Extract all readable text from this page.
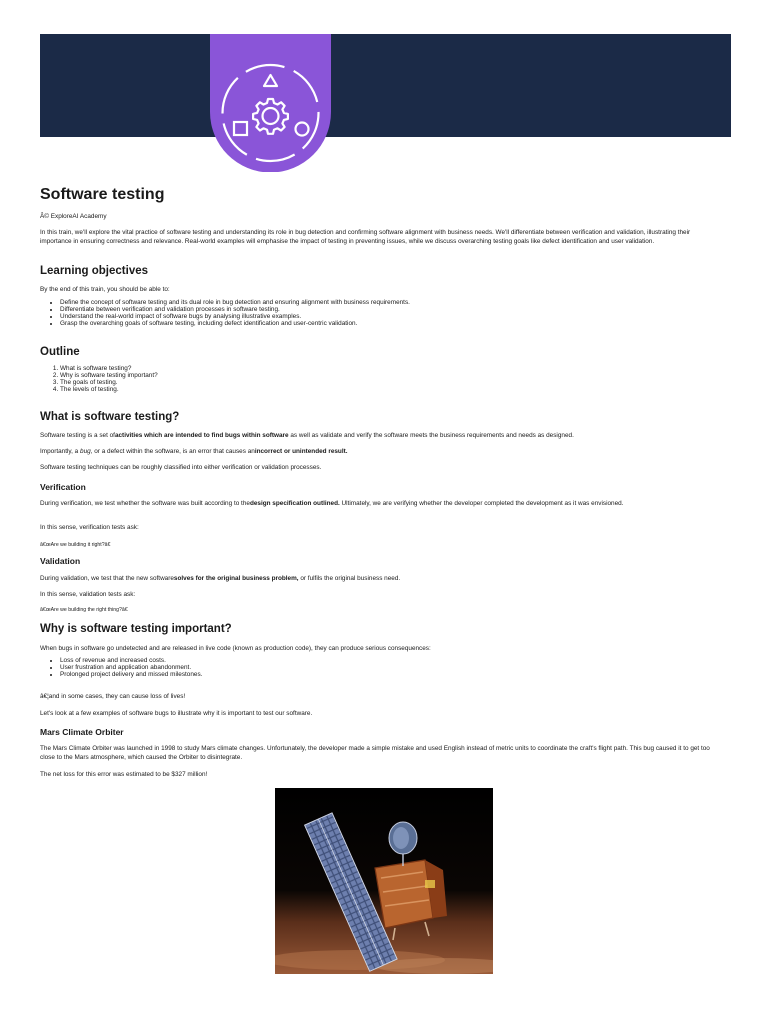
Software testing

Â© ExploreAI Academy

In this train, we'll explore the vital practice of software testing and understanding its role in bug detection and confirming software alignment with business needs. We'll differentiate between verification and validation, illustrating their importance in ensuring correctness and relevance. Real-world examples will emphasise the impact of testing in preventing issues, while we discuss overarching testing goals like defect identification and user validation.

Learning objectives

By the end of this train, you should be able to:

• Define the concept of software testing and its dual role in bug detection and ensuring alignment with business requirements.
• Differentiate between verification and validation processes in software testing.
• Understand the real-world impact of software bugs by analysing illustrative examples.
• Grasp the overarching goals of software testing, including defect identification and user-centric validation.
Outline
1. What is software testing?
2. Why is software testing important?
3. The goals of testing.
4. The levels of testing.
What is software testing?

Software testing is a set ofactivities which are intended to find bugs within software as well as validate and verify the software meets the business requirements and needs as designed.

Importantly, a bug, or a defect within the software, is an error that causes anincorrect or unintended result.

Software testing techniques can be roughly classified into either verification or validation processes.

Verification

During verification, we test whether the software was built according to thedesign specification outlined. Ultimately, we are verifying whether the developer completed the development as it was envisioned.

In this sense, verification tests ask:

â€œAre we building it right?â€

Validation

During validation, we test that the new softwaresolves for the original business problem, or fulfils the original business need.

In this sense, validation tests ask:

â€œAre we building the right thing?â€

Why is software testing important?

When bugs in software go undetected and are released in live code (known as production code), they can produce serious consequences:

• Loss of revenue and increased costs.
• User frustration and application abandonment.
• Prolonged project delivery and missed milestones.

â€¦and in some cases, they can cause loss of lives!

Let's look at a few examples of software bugs to illustrate why it is important to test our software.

Mars Climate Orbiter

The Mars Climate Orbiter was launched in 1998 to study Mars climate changes. Unfortunately, the developer made a simple mistake and used English instead of metric units to coordinate the craft's flight path. This bug caused it to get too close to the Mars atmosphere, which caused the Orbiter to disintegrate.

The net loss for this error was estimated to be $327 million!
